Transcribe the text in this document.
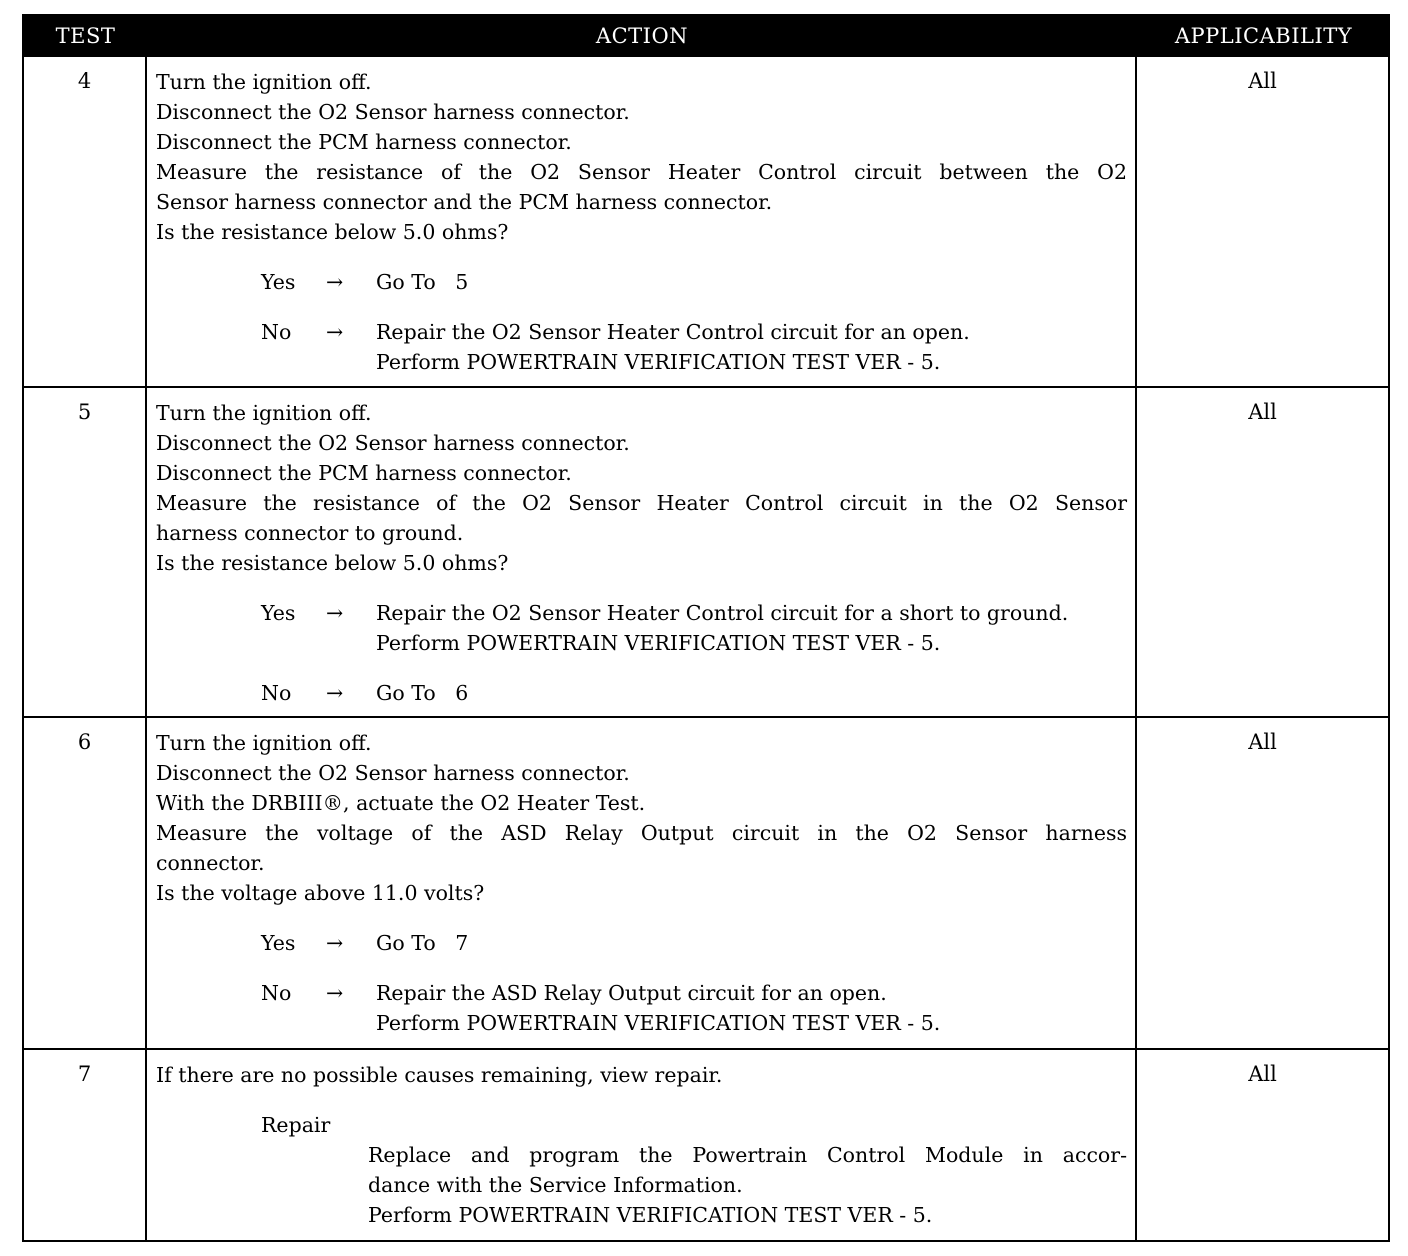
TEST	ACTION	APPLICABILITY
4	Turn the ignition off.
Disconnect the O2 Sensor harness connector.
Disconnect the PCM harness connector.
Measure the resistance of the O2 Sensor Heater Control circuit between the O2
Sensor harness connector and the PCM harness connector.
Is the resistance below 5.0 ohms?
Yes → Go To   5
No → Repair the O2 Sensor Heater Control circuit for an open.
Perform POWERTRAIN VERIFICATION TEST VER - 5.
All
5	Turn the ignition off.
Disconnect the O2 Sensor harness connector.
Disconnect the PCM harness connector.
Measure the resistance of the O2 Sensor Heater Control circuit in the O2 Sensor
harness connector to ground.
Is the resistance below 5.0 ohms?
Yes → Repair the O2 Sensor Heater Control circuit for a short to ground.
Perform POWERTRAIN VERIFICATION TEST VER - 5.
No → Go To   6
All
6	Turn the ignition off.
Disconnect the O2 Sensor harness connector.
With the DRBIII®, actuate the O2 Heater Test.
Measure the voltage of the ASD Relay Output circuit in the O2 Sensor harness
connector.
Is the voltage above 11.0 volts?
Yes → Go To   7
No → Repair the ASD Relay Output circuit for an open.
Perform POWERTRAIN VERIFICATION TEST VER - 5.
All
7	If there are no possible causes remaining, view repair.
Repair
Replace and program the Powertrain Control Module in accor-
dance with the Service Information.
Perform POWERTRAIN VERIFICATION TEST VER - 5.
All
